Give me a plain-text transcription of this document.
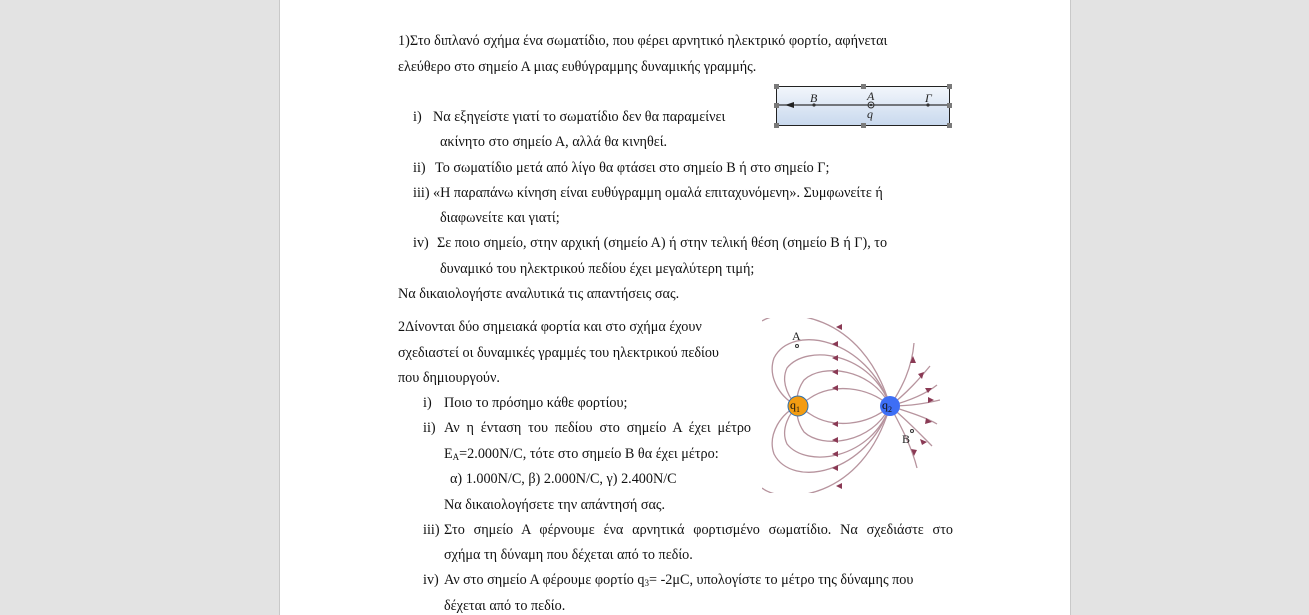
1)Στο διπλανό σχήμα ένα σωματίδιο, που φέρει αρνητικό ηλεκτρικό φορτίο, αφήνεται
ελεύθερο στο σημείο Α μιας ευθύγραμμης δυναμικής γραμμής.
i) Να εξηγείστε γιατί το σωματίδιο δεν θα παραμείνει
ακίνητο στο σημείο Α, αλλά θα κινηθεί.
ii) Το σωματίδιο μετά από λίγο θα φτάσει στο σημείο Β ή στο σημείο Γ;
iii) «Η παραπάνω κίνηση είναι ευθύγραμμη ομαλά επιταχυνόμενη». Συμφωνείτε ή
διαφωνείτε και γιατί;
iv) Σε ποιο σημείο, στην αρχική (σημείο Α) ή στην τελική θέση (σημείο Β ή Γ), το
δυναμικό του ηλεκτρικού πεδίου έχει μεγαλύτερη τιμή;
Να δικαιολογήστε αναλυτικά τις απαντήσεις σας.
B	A	Γ
q
2Δίνονται δύο σημειακά φορτία και στο σχήμα έχουν
σχεδιαστεί οι δυναμικές γραμμές του ηλεκτρικού πεδίου
που δημιουργούν.
i) Ποιο το πρόσημο κάθε φορτίου;
ii) Αν η ένταση του πεδίου στο σημείο Α έχει μέτρο
$E_A=2.000N/C$, τότε στο σημείο Β θα έχει μέτρο:
α) 1.000N/C, β) 2.000N/C, γ) 2.400N/C
Να δικαιολογήσετε την απάντησή σας.
iii) Στο σημείο Α φέρνουμε ένα αρνητικά φορτισμένο σωματίδιο. Να σχεδιάστε στο
σχήμα τη δύναμη που δέχεται από το πεδίο.
iv) Αν στο σημείο Α φέρουμε φορτίο $q_3= -2\mu C$, υπολογίστε το μέτρο της δύναμης που
δέχεται από το πεδίο.
A
B
$q_1$	$q_2$
